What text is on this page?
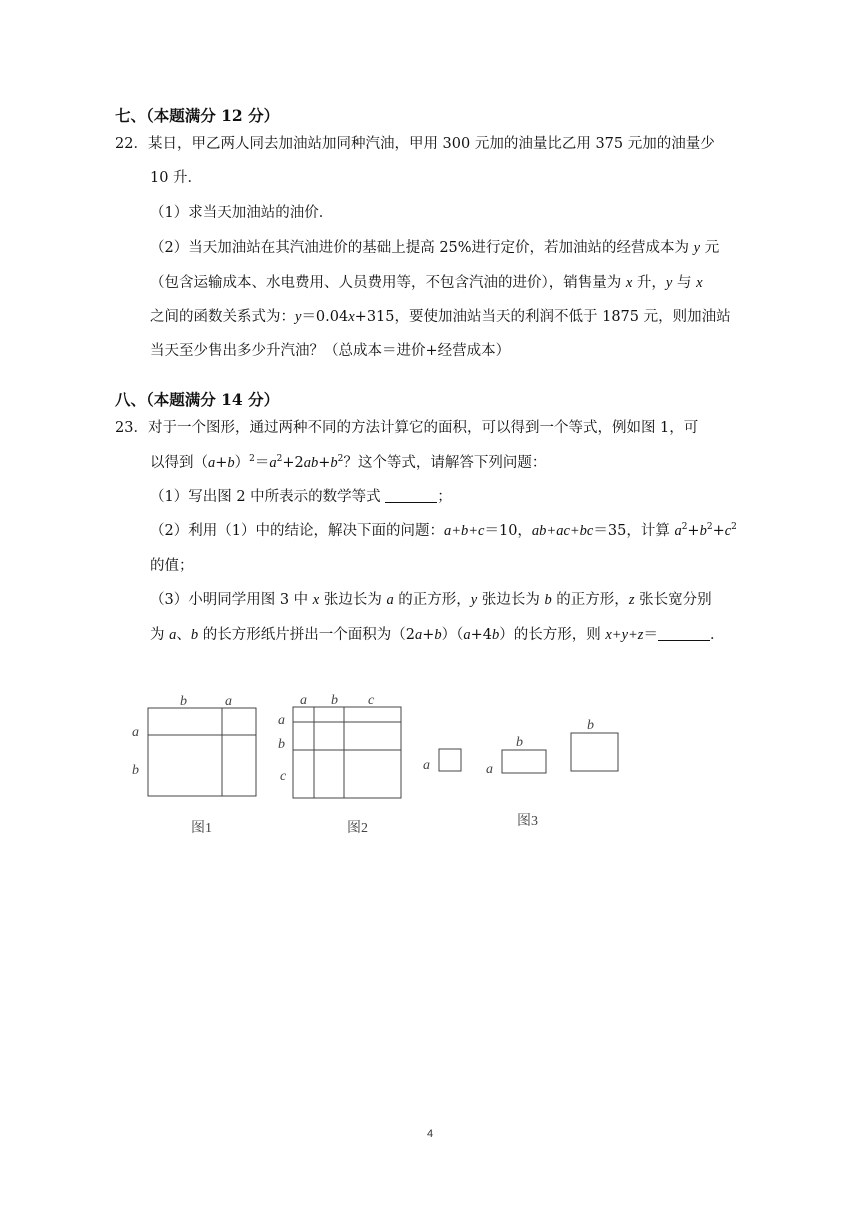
七、（本题满分 12 分）
22．某日，甲乙两人同去加油站加同种汽油，甲用 300 元加的油量比乙用 375 元加的油量少
10 升．
（1）求当天加油站的油价．
（2）当天加油站在其汽油进价的基础上提高 25%进行定价，若加油站的经营成本为 y 元
（包含运输成本、水电费用、人员费用等，不包含汽油的进价），销售量为 x 升，y 与 x
之间的函数关系式为：y＝0.04x+315，要使加油站当天的利润不低于 1875 元，则加油站
当天至少售出多少升汽油？（总成本＝进价+经营成本）
八、（本题满分 14 分）
23．对于一个图形，通过两种不同的方法计算它的面积，可以得到一个等式，例如图 1，可
以得到$(a+b)^2=a^2+2ab+b^2$？这个等式，请解答下列问题：
（1）写出图 2 中所表示的数学等式	；
（2）利用（1）中的结论，解决下面的问题：a+b+c＝10，ab+ac+bc＝35，计算 $a^2+b^2+c^2$
的值；
（3）小明同学用图 3 中 x 张边长为 a 的正方形，y 张边长为 b 的正方形，z 张长宽分别
为 a、b 的长方形纸片拼出一个面积为（2a+b）（a+4b）的长方形，则 x+y+z＝	．
b	a
a
b
图1
a b c
a
b
c
图2
a
b
a
b
图3
4
